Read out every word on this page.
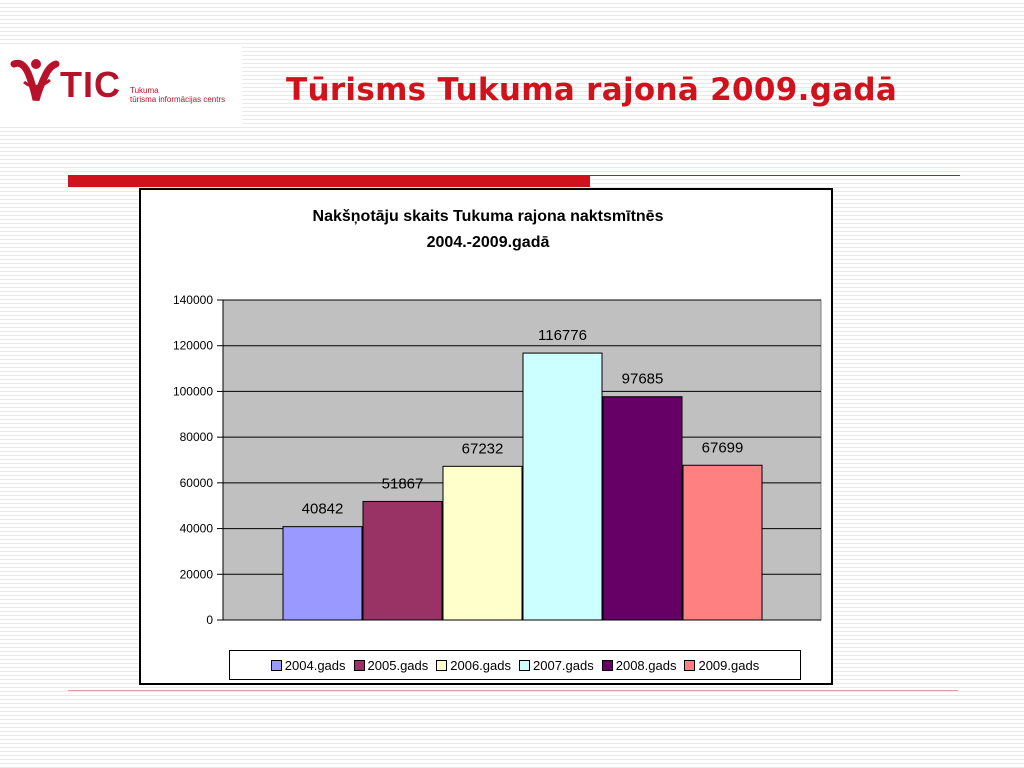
TIC Tukuma
tūrisma informācijas centrs Tūrisms Tukuma rajonā 2009.gadā
Nakšņotāju skaits Tukuma rajona naktsmītnēs
2004.-2009.gadā
0
20000
40000
60000
80000
100000
120000
140000
40842
51867
67232
116776
97685
67699
2004.gads 2005.gads 2006.gads 2007.gads 2008.gads 2009.gads
